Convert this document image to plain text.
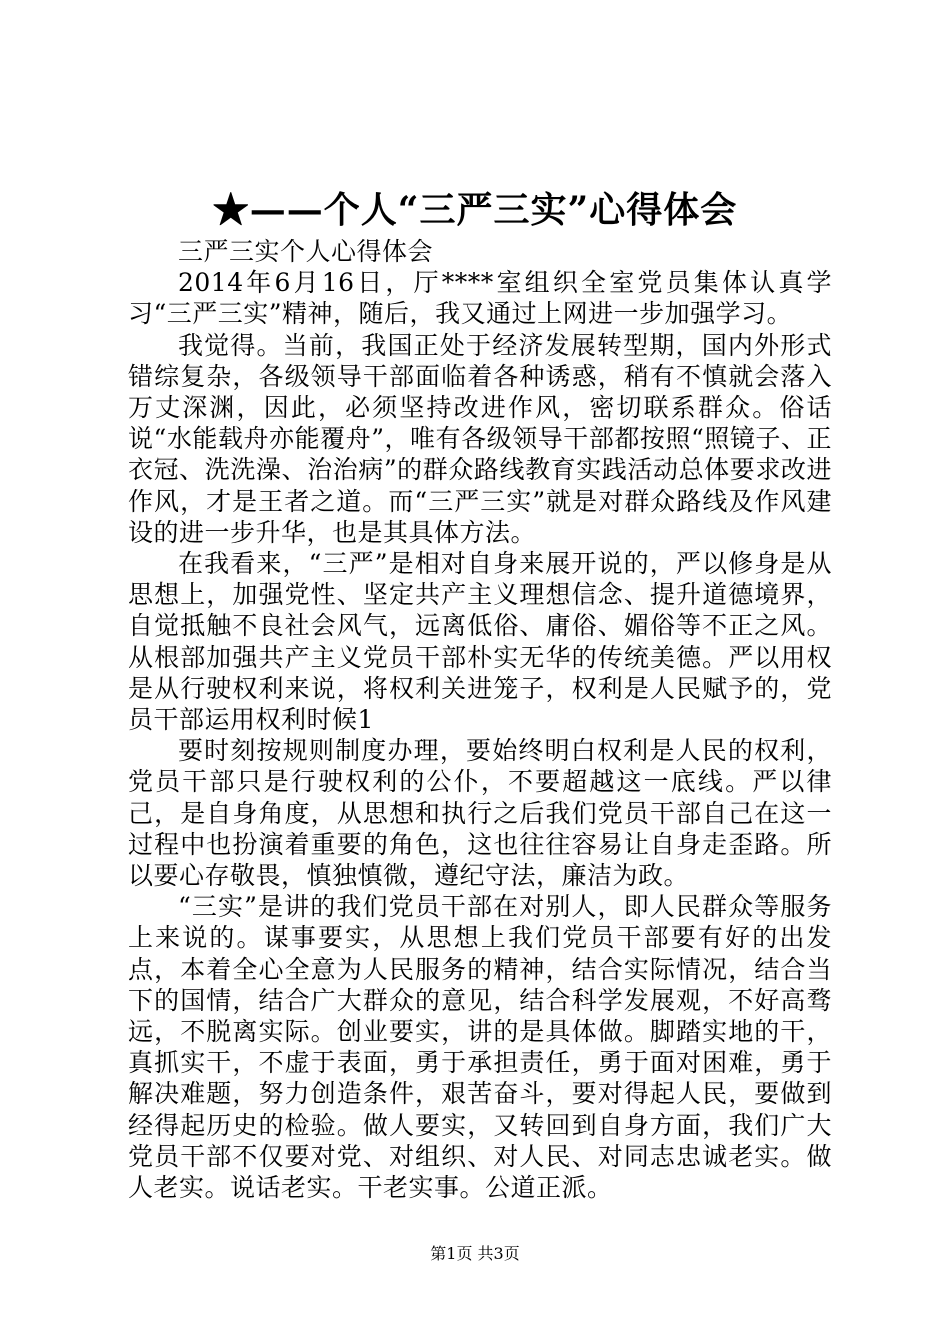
★——个人“三严三实”心得体会

三严三实个人心得体会

2014年6月16日，厅****室组织全室党员集体认真学习“三严三实”精神，随后，我又通过上网进一步加强学习。

我觉得。当前，我国正处于经济发展转型期，国内外形式错综复杂，各级领导干部面临着各种诱惑，稍有不慎就会落入万丈深渊，因此，必须坚持改进作风，密切联系群众。俗话说“水能载舟亦能覆舟”，唯有各级领导干部都按照“照镜子、正衣冠、洗洗澡、治治病”的群众路线教育实践活动总体要求改进作风，才是王者之道。而“三严三实”就是对群众路线及作风建设的进一步升华，也是其具体方法。

在我看来，“三严”是相对自身来展开说的，严以修身是从思想上，加强党性、坚定共产主义理想信念、提升道德境界，自觉抵触不良社会风气，远离低俗、庸俗、媚俗等不正之风。从根部加强共产主义党员干部朴实无华的传统美德。严以用权是从行驶权利来说，将权利关进笼子，权利是人民赋予的，党员干部运用权利时候1

要时刻按规则制度办理，要始终明白权利是人民的权利，党员干部只是行驶权利的公仆，不要超越这一底线。严以律己，是自身角度，从思想和执行之后我们党员干部自己在这一过程中也扮演着重要的角色，这也往往容易让自身走歪路。所以要心存敬畏，慎独慎微，遵纪守法，廉洁为政。

“三实”是讲的我们党员干部在对别人，即人民群众等服务上来说的。谋事要实，从思想上我们党员干部要有好的出发点，本着全心全意为人民服务的精神，结合实际情况，结合当下的国情，结合广大群众的意见，结合科学发展观，不好高骛远，不脱离实际。创业要实，讲的是具体做。脚踏实地的干，真抓实干，不虚于表面，勇于承担责任，勇于面对困难，勇于解决难题，努力创造条件，艰苦奋斗，要对得起人民，要做到经得起历史的检验。做人要实，又转回到自身方面，我们广大党员干部不仅要对党、对组织、对人民、对同志忠诚老实。做人老实。说话老实。干老实事。公道正派。

第1页 共3页
